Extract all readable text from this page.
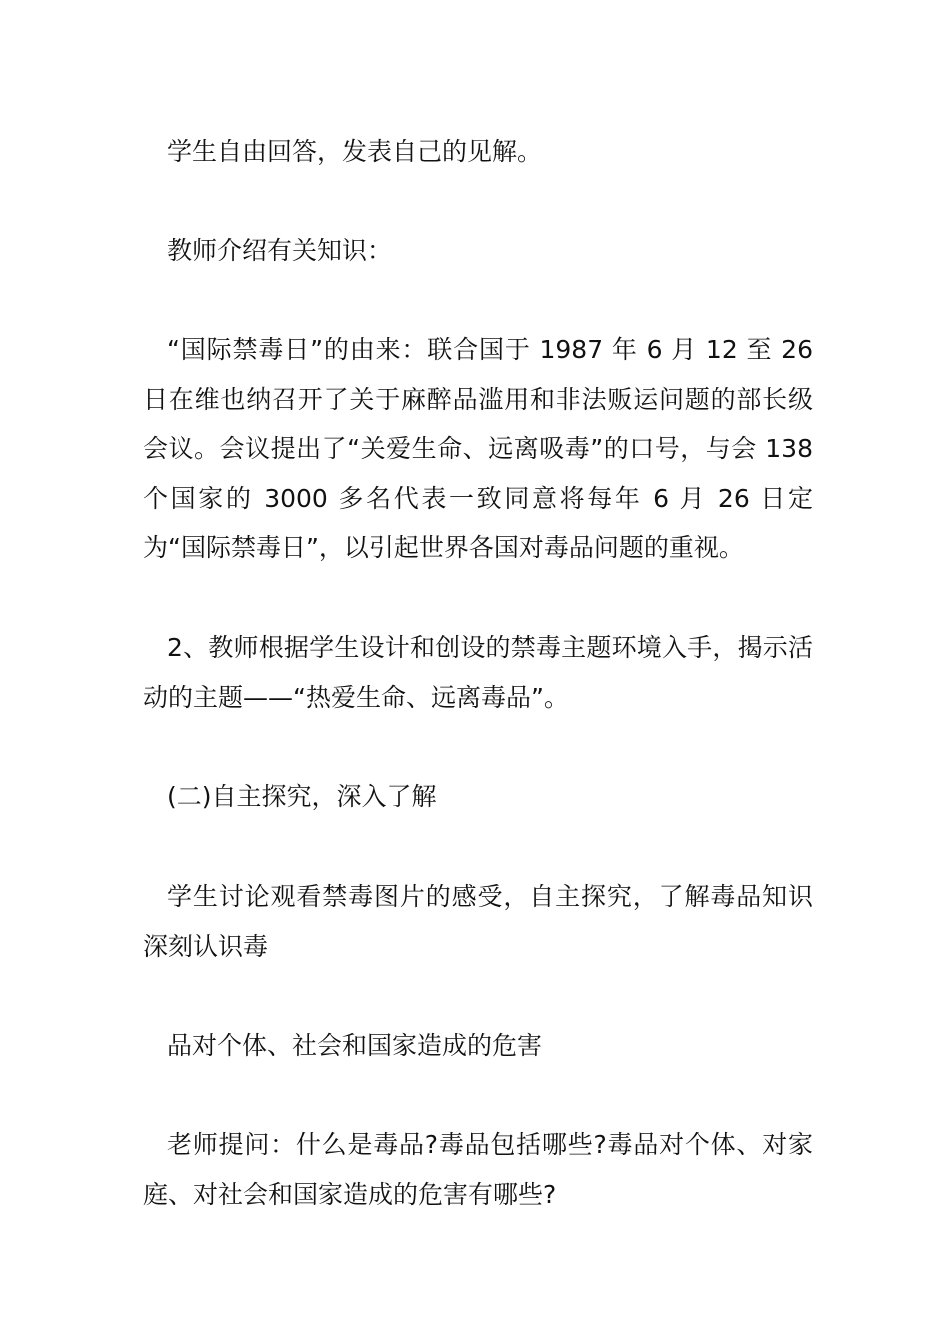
学生自由回答，发表自己的见解。

教师介绍有关知识：

“国际禁毒日”的由来：联合国于 1987 年 6 月 12 至 26 日在维也纳召开了关于麻醉品滥用和非法贩运问题的部长级会议。会议提出了“关爱生命、远离吸毒”的口号，与会 138 个国家的 3000 多名代表一致同意将每年 6 月 26 日定为“国际禁毒日”，以引起世界各国对毒品问题的重视。

2、教师根据学生设计和创设的禁毒主题环境入手，揭示活动的主题——“热爱生命、远离毒品”。

(二)自主探究，深入了解

学生讨论观看禁毒图片的感受，自主探究，了解毒品知识深刻认识毒

品对个体、社会和国家造成的危害

老师提问：什么是毒品?毒品包括哪些?毒品对个体、对家庭、对社会和国家造成的危害有哪些?
